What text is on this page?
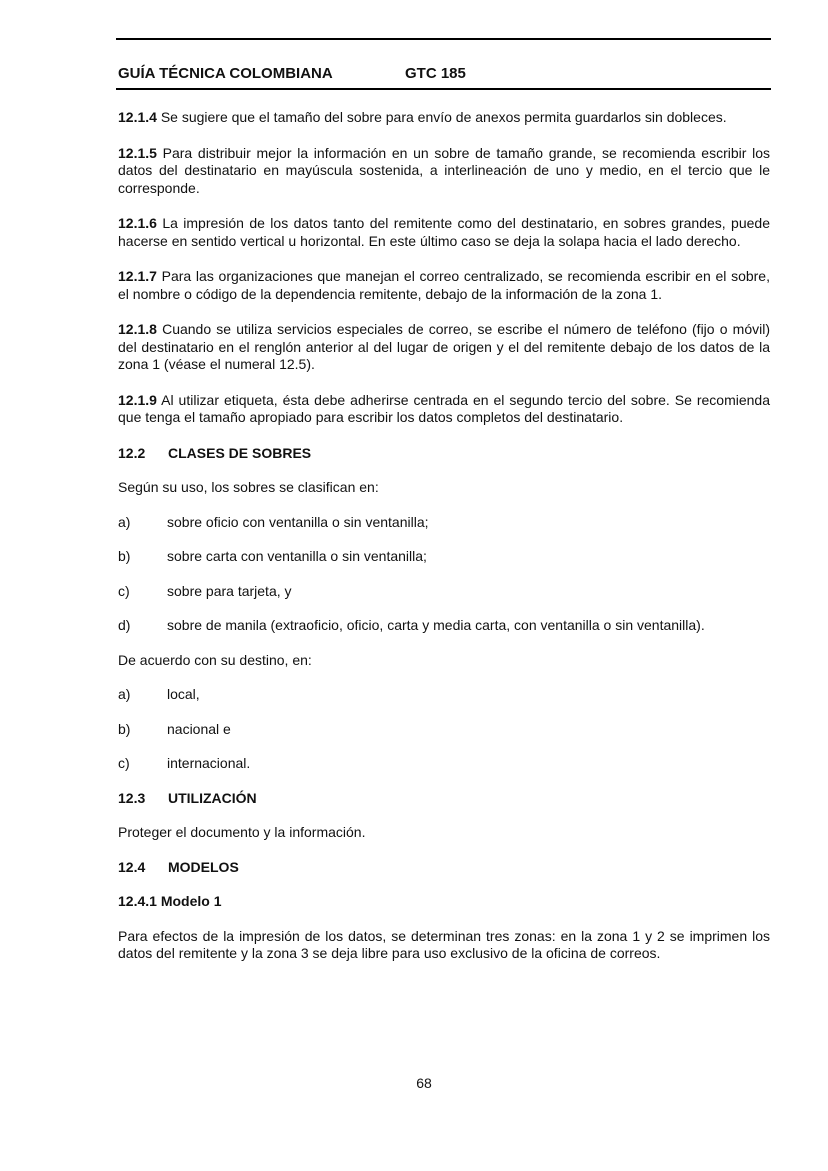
GUÍA TÉCNICA COLOMBIANA	GTC 185

12.1.4 Se sugiere que el tamaño del sobre para envío de anexos permita guardarlos sin dobleces.

12.1.5 Para distribuir mejor la información en un sobre de tamaño grande, se recomienda escribir los datos del destinatario en mayúscula sostenida, a interlineación de uno y medio, en el tercio que le corresponde.

12.1.6 La impresión de los datos tanto del remitente como del destinatario, en sobres grandes, puede hacerse en sentido vertical u horizontal. En este último caso se deja la solapa hacia el lado derecho.

12.1.7 Para las organizaciones que manejan el correo centralizado, se recomienda escribir en el sobre, el nombre o código de la dependencia remitente, debajo de la información de la zona 1.

12.1.8 Cuando se utiliza servicios especiales de correo, se escribe el número de teléfono (fijo o móvil) del destinatario en el renglón anterior al del lugar de origen y el del remitente debajo de los datos de la zona 1 (véase el numeral 12.5).

12.1.9 Al utilizar etiqueta, ésta debe adherirse centrada en el segundo tercio del sobre. Se recomienda que tenga el tamaño apropiado para escribir los datos completos del destinatario.

12.2 CLASES DE SOBRES
Según su uso, los sobres se clasifican en:
a)	sobre oficio con ventanilla o sin ventanilla;
b)	sobre carta con ventanilla o sin ventanilla;
c)	sobre para tarjeta, y
d)	sobre de manila (extraoficio, oficio, carta y media carta, con ventanilla o sin ventanilla).
De acuerdo con su destino, en:
a)	local,
b)	nacional e
c)	internacional.
12.3 UTILIZACIÓN
Proteger el documento y la información.
12.4 MODELOS
12.4.1 Modelo 1

Para efectos de la impresión de los datos, se determinan tres zonas: en la zona 1 y 2 se imprimen los datos del remitente y la zona 3 se deja libre para uso exclusivo de la oficina de correos.

68
